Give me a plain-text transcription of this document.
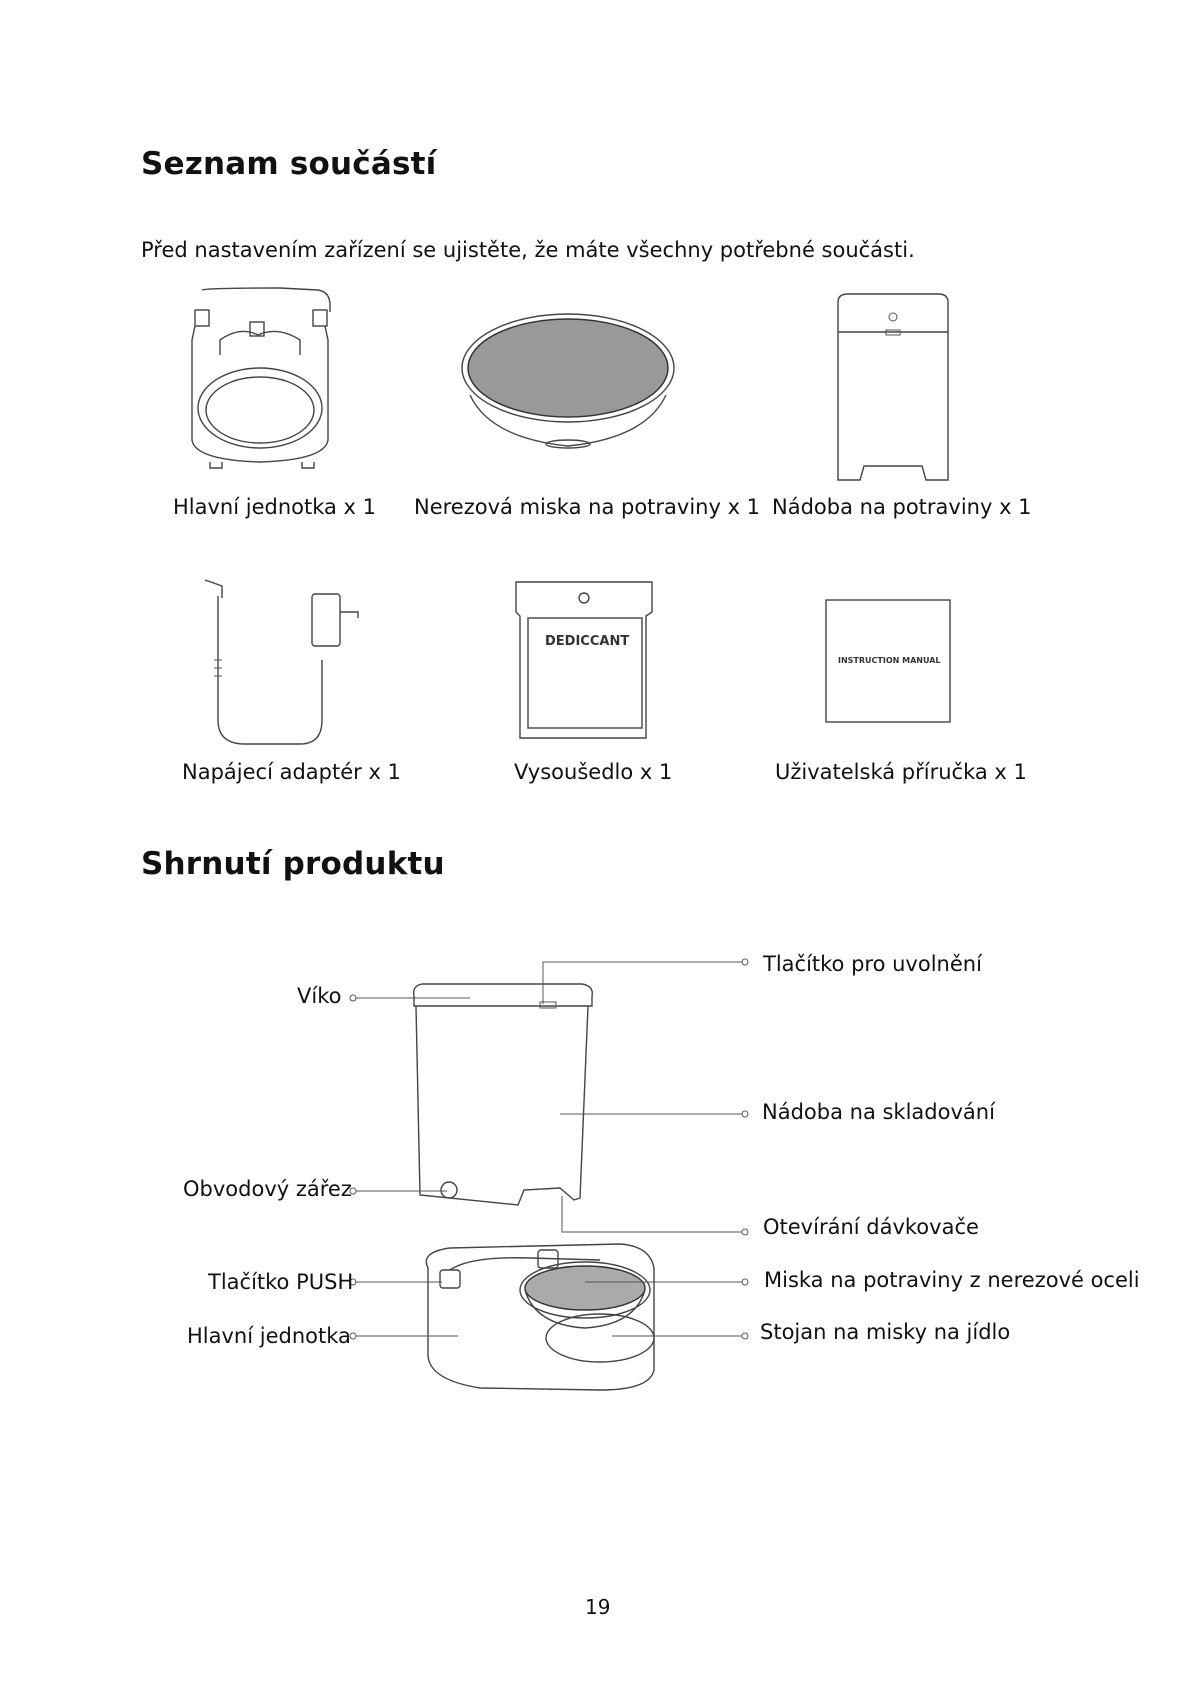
Seznam součástí
Před nastavením zařízení se ujistěte, že máte všechny potřebné součásti.
DEDICCANT
INSTRUCTION MANUAL
Hlavní jednotka x 1 Nerezová miska na potraviny x 1 Nádoba na potraviny x 1
Napájecí adaptér x 1	Vysoušedlo x 1	Uživatelská příručka x 1
Shrnutí produktu
Víko
Tlačítko pro uvolnění
Nádoba na skladování
Obvodový zářez
Otevírání dávkovače
Tlačítko PUSH	Miska na potraviny z nerezové oceli
Hlavní jednotka	Stojan na misky na jídlo
19
